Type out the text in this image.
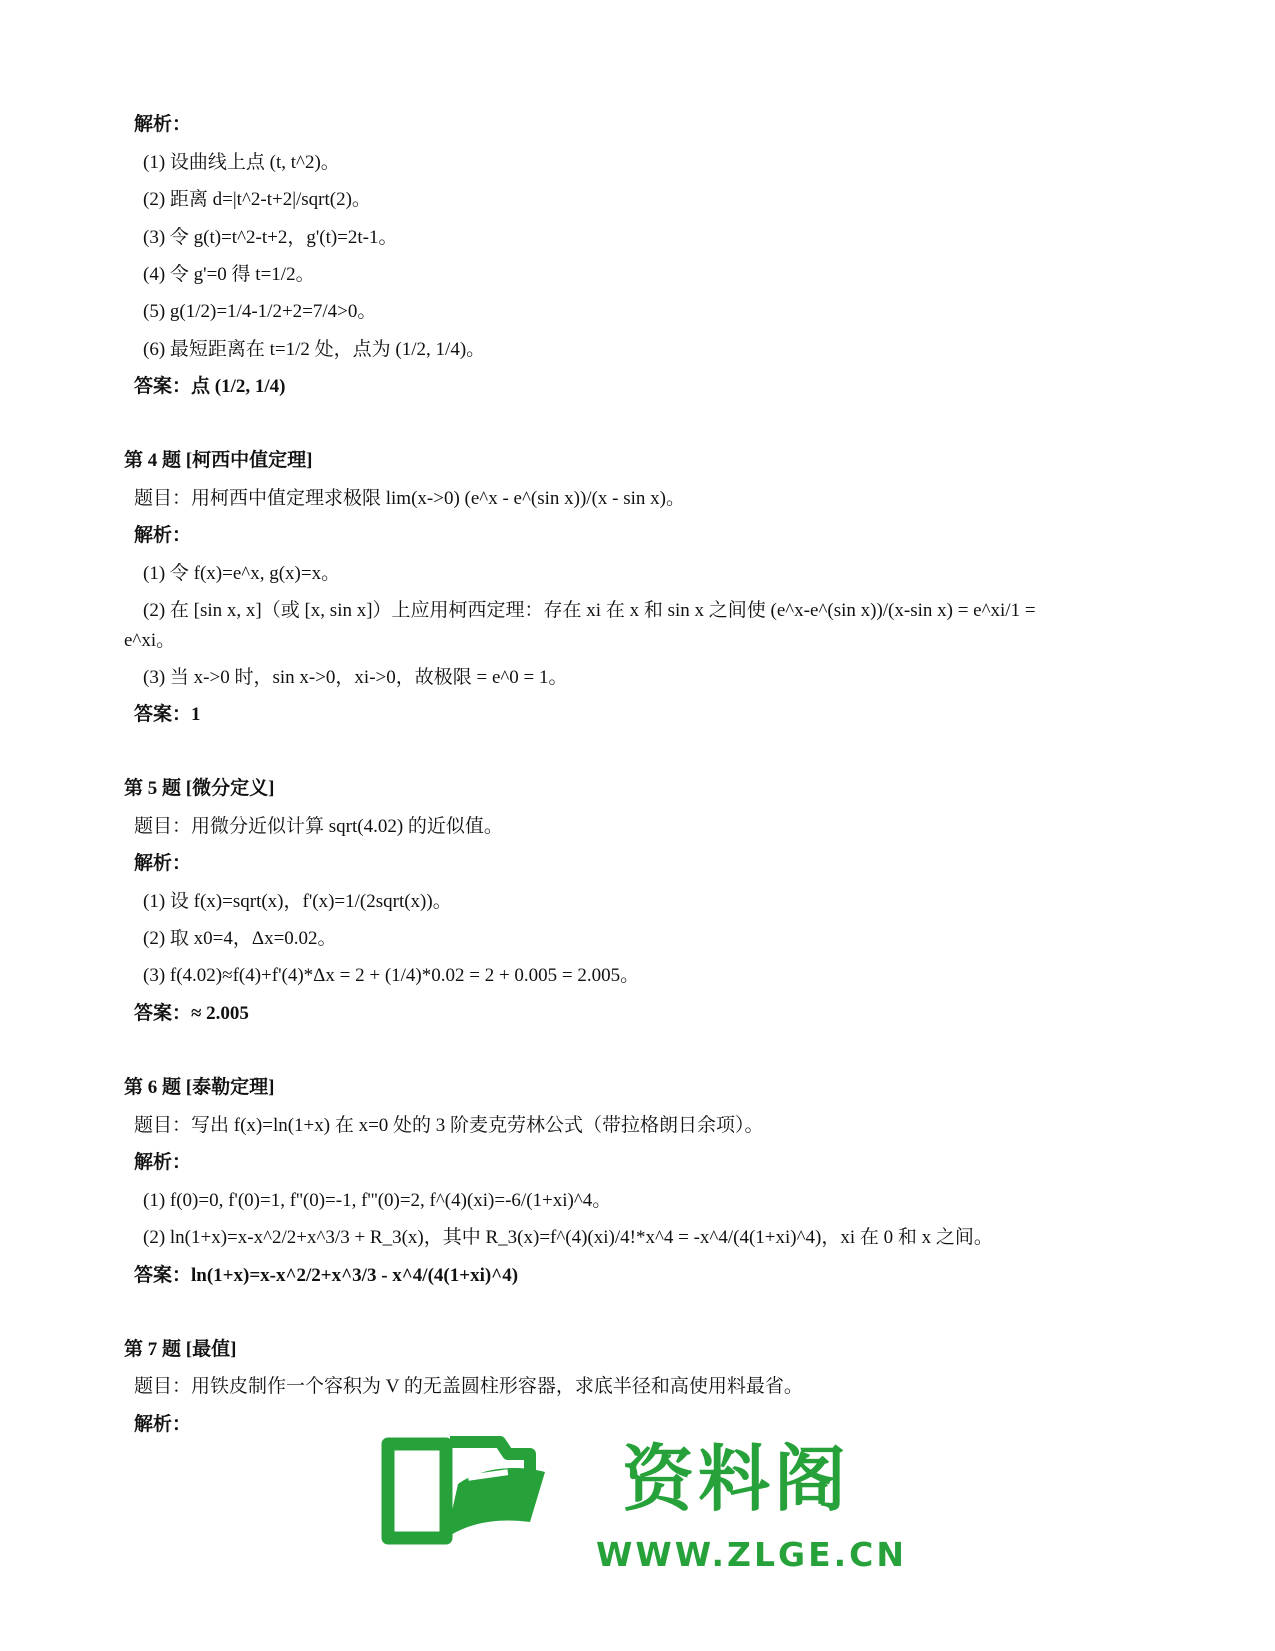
解析：
(1) 设曲线上点 (t, t^2)。
(2) 距离 d=|t^2-t+2|/sqrt(2)。
(3) 令 g(t)=t^2-t+2，g'(t)=2t-1。
(4) 令 g'=0 得 t=1/2。
(5) g(1/2)=1/4-1/2+2=7/4>0。
(6) 最短距离在 t=1/2 处，点为 (1/2, 1/4)。
答案：点 (1/2, 1/4)
第 4 题 [柯西中值定理]
题目：用柯西中值定理求极限 lim(x->0) (e^x - e^(sin x))/(x - sin x)。
解析：
(1) 令 f(x)=e^x, g(x)=x。
(2) 在 [sin x, x]（或 [x, sin x]）上应用柯西定理：存在 xi 在 x 和 sin x 之间使 (e^x-e^(sin x))/(x-sin x) = e^xi/1 =
e^xi。
(3) 当 x->0 时，sin x->0，xi->0，故极限 = e^0 = 1。
答案：1
第 5 题 [微分定义]
题目：用微分近似计算 sqrt(4.02) 的近似值。
解析：
(1) 设 f(x)=sqrt(x)，f'(x)=1/(2sqrt(x))。
(2) 取 x0=4，Δx=0.02。
(3) f(4.02)≈f(4)+f'(4)*Δx = 2 + (1/4)*0.02 = 2 + 0.005 = 2.005。
答案：≈ 2.005
第 6 题 [泰勒定理]
题目：写出 f(x)=ln(1+x) 在 x=0 处的 3 阶麦克劳林公式（带拉格朗日余项）。
解析：
(1) f(0)=0, f'(0)=1, f''(0)=-1, f'''(0)=2, f^(4)(xi)=-6/(1+xi)^4。
(2) ln(1+x)=x-x^2/2+x^3/3 + R_3(x)，其中 R_3(x)=f^(4)(xi)/4!*x^4 = -x^4/(4(1+xi)^4)，xi 在 0 和 x 之间。
答案：ln(1+x)=x-x^2/2+x^3/3 - x^4/(4(1+xi)^4)
第 7 题 [最值]
题目：用铁皮制作一个容积为 V 的无盖圆柱形容器，求底半径和高使用料最省。
解析：
资料阁
WWW.ZLGE.CN
